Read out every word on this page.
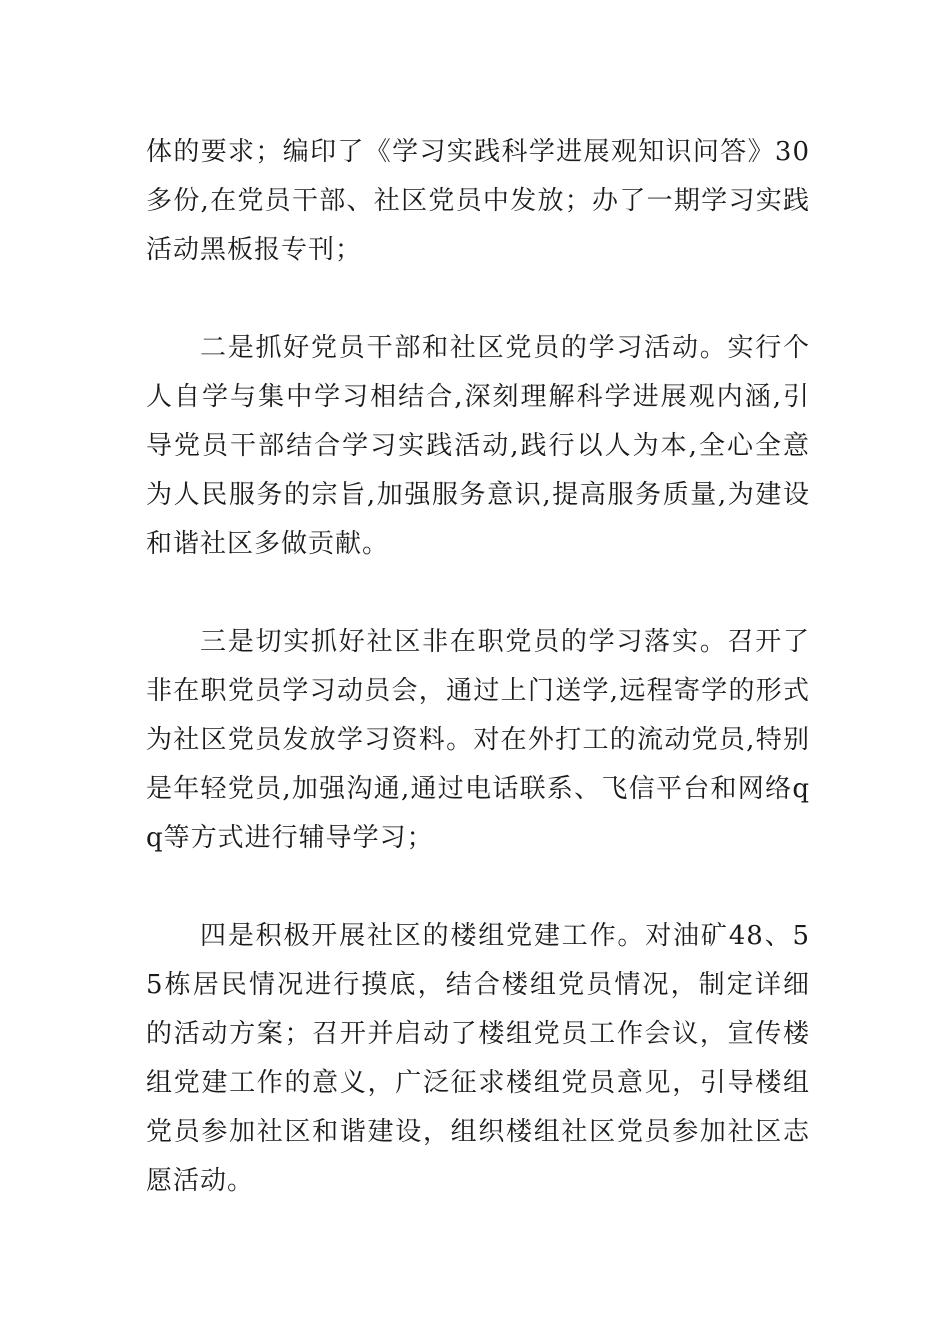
体的要求；编印了《学习实践科学进展观知识问答》30多份,在党员干部、社区党员中发放；办了一期学习实践活动黑板报专刊；

二是抓好党员干部和社区党员的学习活动。实行个人自学与集中学习相结合,深刻理解科学进展观内涵,引导党员干部结合学习实践活动,践行以人为本,全心全意为人民服务的宗旨,加强服务意识,提高服务质量,为建设和谐社区多做贡献。

三是切实抓好社区非在职党员的学习落实。召开了非在职党员学习动员会，通过上门送学,远程寄学的形式为社区党员发放学习资料。对在外打工的流动党员,特别是年轻党员,加强沟通,通过电话联系、飞信平台和网络qq等方式进行辅导学习；

四是积极开展社区的楼组党建工作。对油矿48、55栋居民情况进行摸底，结合楼组党员情况，制定详细的活动方案；召开并启动了楼组党员工作会议，宣传楼组党建工作的意义，广泛征求楼组党员意见，引导楼组党员参加社区和谐建设，组织楼组社区党员参加社区志愿活动。
